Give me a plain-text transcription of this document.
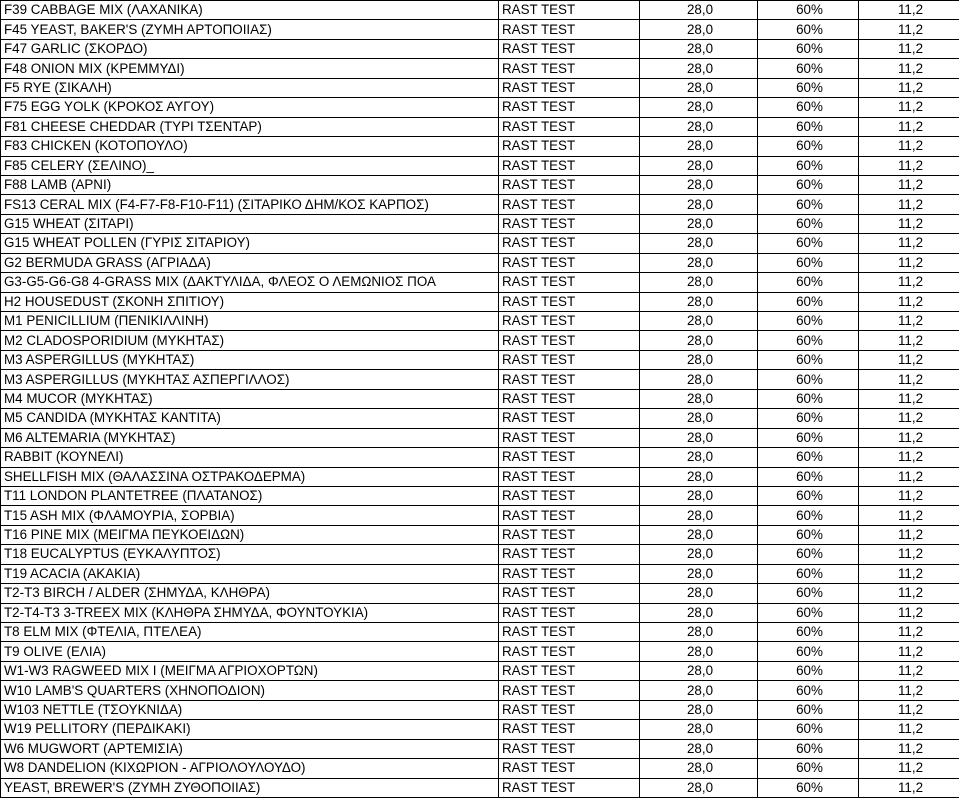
F39 CABBAGE MIX (ΛΑΧΑΝΙΚΑ)	RAST TEST	28,0	60%	11,2
F45 YEAST, BAKER'S (ΖΥΜΗ ΑΡΤΟΠΟΙΙΑΣ)	RAST TEST	28,0	60%	11,2
F47 GARLIC (ΣΚΟΡΔΟ)	RAST TEST	28,0	60%	11,2
F48 ONION MIX (ΚΡΕΜΜΥΔΙ)	RAST TEST	28,0	60%	11,2
F5 RYE (ΣΙΚΑΛΗ)	RAST TEST	28,0	60%	11,2
F75 EGG YOLK (ΚΡΟΚΟΣ ΑΥΓΟΥ)	RAST TEST	28,0	60%	11,2
F81 CHEESE CHEDDAR (ΤΥΡΙ ΤΣΕΝΤΑΡ)	RAST TEST	28,0	60%	11,2
F83 CHICKEN (ΚΟΤΟΠΟΥΛΟ)	RAST TEST	28,0	60%	11,2
F85 CELERY (ΣΕΛΙΝΟ)_	RAST TEST	28,0	60%	11,2
F88 LAMB (ΑΡΝΙ)	RAST TEST	28,0	60%	11,2
FS13 CERAL MIX (F4-F7-F8-F10-F11) (ΣΙΤΑΡΙΚΟ ΔΗΜ/ΚΟΣ ΚΑΡΠΟΣ)	RAST TEST	28,0	60%	11,2
G15 WHEAT (ΣΙΤΑΡΙ)	RAST TEST	28,0	60%	11,2
G15 WHEAT POLLEN (ΓΥΡΙΣ ΣΙΤΑΡΙΟΥ)	RAST TEST	28,0	60%	11,2
G2 BERMUDA GRASS (ΑΓΡΙΑΔΑ)	RAST TEST	28,0	60%	11,2
G3-G5-G6-G8 4-GRASS MIX (ΔΑΚΤΥΛΙΔΑ, ΦΛΕΟΣ Ο ΛΕΜΩΝΙΟΣ ΠΟΑ	RAST TEST	28,0	60%	11,2
H2 HOUSEDUST (ΣΚΟΝΗ ΣΠΙΤΙΟΥ)	RAST TEST	28,0	60%	11,2
M1 PENICILLIUM (ΠΕΝΙΚΙΛΛΙΝΗ)	RAST TEST	28,0	60%	11,2
M2 CLADOSPORIDIUM (ΜΥΚΗΤΑΣ)	RAST TEST	28,0	60%	11,2
M3 ASPERGILLUS (ΜΥΚΗΤΑΣ)	RAST TEST	28,0	60%	11,2
M3 ASPERGILLUS (ΜΥΚΗΤΑΣ ΑΣΠΕΡΓΙΛΛΟΣ)	RAST TEST	28,0	60%	11,2
M4 MUCOR (ΜΥΚΗΤΑΣ)	RAST TEST	28,0	60%	11,2
M5 CANDIDA (ΜΥΚΗΤΑΣ ΚΑΝΤΙΤΑ)	RAST TEST	28,0	60%	11,2
M6 ALTEMARIA (ΜΥΚΗΤΑΣ)	RAST TEST	28,0	60%	11,2
RABBIT (ΚΟΥΝΕΛΙ)	RAST TEST	28,0	60%	11,2
SHELLFISH MIX (ΘΑΛΑΣΣΙΝΑ ΟΣΤΡΑΚΟΔΕΡΜΑ)	RAST TEST	28,0	60%	11,2
T11 LONDON PLANTETREE (ΠΛΑΤΑΝΟΣ)	RAST TEST	28,0	60%	11,2
T15 ASH MIX (ΦΛΑΜΟΥΡΙΑ, ΣΟΡΒΙΑ)	RAST TEST	28,0	60%	11,2
T16 PINE MIX (ΜΕΙΓΜΑ ΠΕΥΚΟΕΙΔΩΝ)	RAST TEST	28,0	60%	11,2
T18 EUCALYPTUS (ΕΥΚΑΛΥΠΤΟΣ)	RAST TEST	28,0	60%	11,2
T19 ACACIA (ΑΚΑΚΙΑ)	RAST TEST	28,0	60%	11,2
T2-T3 BIRCH / ALDER (ΣΗΜΥΔΑ, ΚΛΗΘΡΑ)	RAST TEST	28,0	60%	11,2
T2-T4-T3 3-TREEX MIX (ΚΛΗΘΡΑ ΣΗΜΥΔΑ, ΦΟΥΝΤΟΥΚΙΑ)	RAST TEST	28,0	60%	11,2
T8 ELM MIX (ΦΤΕΛΙΑ, ΠΤΕΛΕΑ)	RAST TEST	28,0	60%	11,2
T9 OLIVE (ΕΛΙΑ)	RAST TEST	28,0	60%	11,2
W1-W3 RAGWEED MIX I (ΜΕΙΓΜΑ ΑΓΡΙΟΧΟΡΤΩΝ)	RAST TEST	28,0	60%	11,2
W10 LAMB'S QUARTERS (ΧΗΝΟΠΟΔΙΟΝ)	RAST TEST	28,0	60%	11,2
W103 NETTLE (ΤΣΟΥΚΝΙΔΑ)	RAST TEST	28,0	60%	11,2
W19 PELLITORY (ΠΕΡΔΙΚΑΚΙ)	RAST TEST	28,0	60%	11,2
W6 MUGWORT (ΑΡΤΕΜΙΣΙΑ)	RAST TEST	28,0	60%	11,2
W8 DANDELION (ΚΙΧΩΡΙΟΝ - ΑΓΡΙΟΛΟΥΛΟΥΔΟ)	RAST TEST	28,0	60%	11,2
YEAST, BREWER'S (ΖΥΜΗ ΖΥΘΟΠΟΙΙΑΣ)	RAST TEST	28,0	60%	11,2
